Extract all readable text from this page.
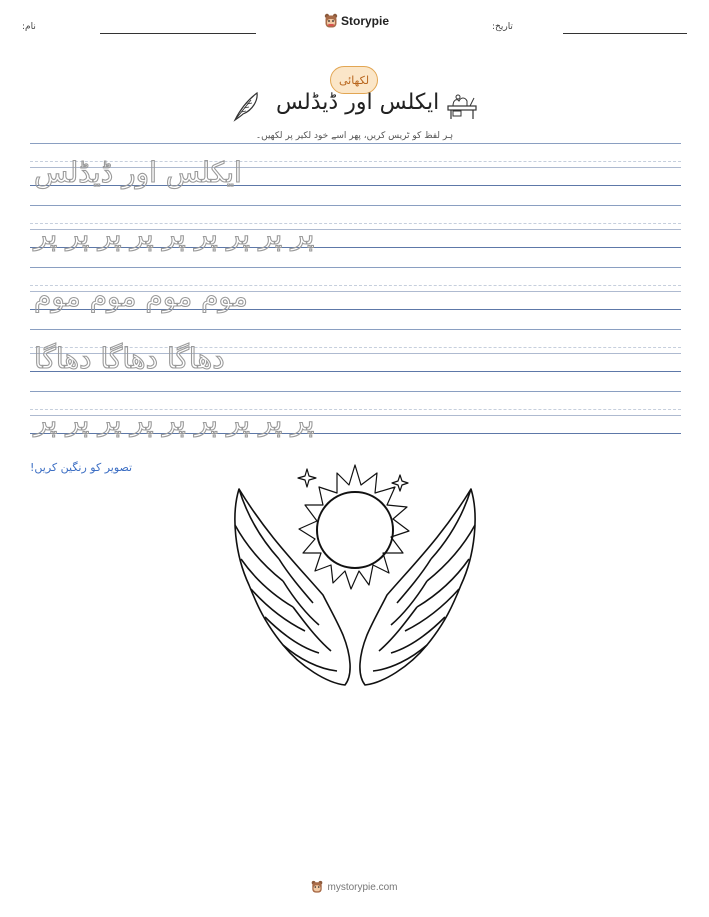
نام:	Storypie	تاریخ:
لکھائی
ایکلس اور ڈیڈلس
ہر لفظ کو ٹریس کریں، پھر اسے خود لکیر پر لکھیں۔
ایکلس اور ڈیڈلس
پر پر پر پر پر پر پر پر پر
موم موم موم موم
دھاگا دھاگا دھاگا
پر پر پر پر پر پر پر پر پر
تصویر کو رنگین کریں!
mystorypie.com
